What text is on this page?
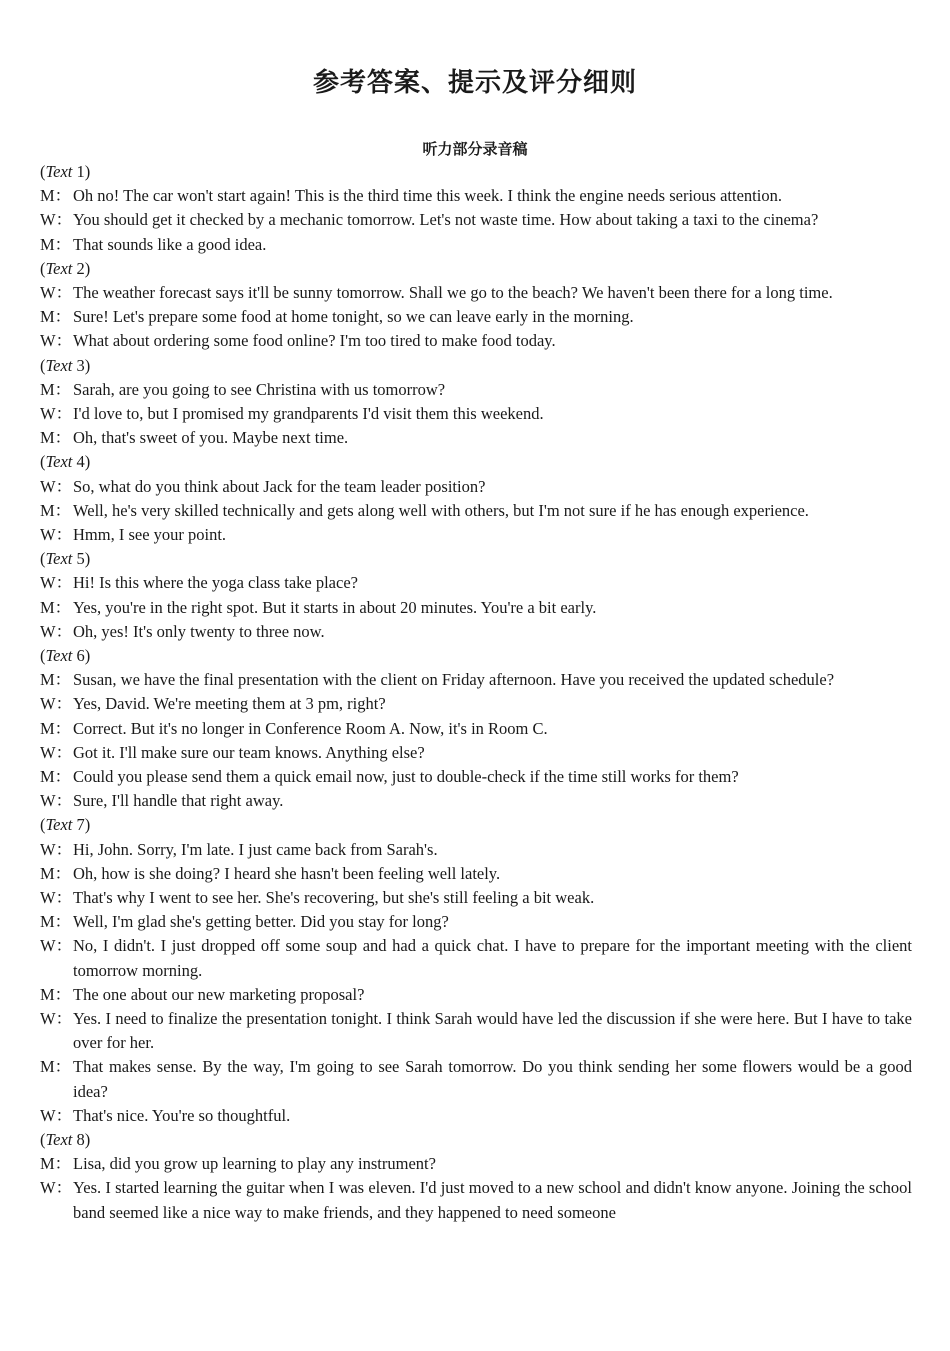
参考答案、提示及评分细则
听力部分录音稿
(Text 1)
M： Oh no! The car won't start again! This is the third time this week. I think the engine needs serious attention.
W： You should get it checked by a mechanic tomorrow. Let's not waste time. How about taking a taxi to the cinema?
M： That sounds like a good idea.
(Text 2)
W： The weather forecast says it'll be sunny tomorrow. Shall we go to the beach? We haven't been there for a long time.
M： Sure! Let's prepare some food at home tonight, so we can leave early in the morning.
W： What about ordering some food online? I'm too tired to make food today.
(Text 3)
M： Sarah, are you going to see Christina with us tomorrow?
W： I'd love to, but I promised my grandparents I'd visit them this weekend.
M： Oh, that's sweet of you. Maybe next time.
(Text 4)
W： So, what do you think about Jack for the team leader position?
M： Well, he's very skilled technically and gets along well with others, but I'm not sure if he has enough experience.
W： Hmm, I see your point.
(Text 5)
W： Hi! Is this where the yoga class take place?
M： Yes, you're in the right spot. But it starts in about 20 minutes. You're a bit early.
W： Oh, yes! It's only twenty to three now.
(Text 6)
M： Susan, we have the final presentation with the client on Friday afternoon. Have you received the updated schedule?
W： Yes, David. We're meeting them at 3 pm, right?
M： Correct. But it's no longer in Conference Room A. Now, it's in Room C.
W： Got it. I'll make sure our team knows. Anything else?
M： Could you please send them a quick email now, just to double-check if the time still works for them?
W： Sure, I'll handle that right away.
(Text 7)
W： Hi, John. Sorry, I'm late. I just came back from Sarah's.
M： Oh, how is she doing? I heard she hasn't been feeling well lately.
W： That's why I went to see her. She's recovering, but she's still feeling a bit weak.
M： Well, I'm glad she's getting better. Did you stay for long?
W： No, I didn't. I just dropped off some soup and had a quick chat. I have to prepare for the important meeting with the client tomorrow morning.
M： The one about our new marketing proposal?
W： Yes. I need to finalize the presentation tonight. I think Sarah would have led the discussion if she were here. But I have to take over for her.
M： That makes sense. By the way, I'm going to see Sarah tomorrow. Do you think sending her some flowers would be a good idea?
W： That's nice. You're so thoughtful.
(Text 8)
M： Lisa, did you grow up learning to play any instrument?
W： Yes. I started learning the guitar when I was eleven. I'd just moved to a new school and didn't know anyone. Joining the school band seemed like a nice way to make friends, and they happened to need someone
